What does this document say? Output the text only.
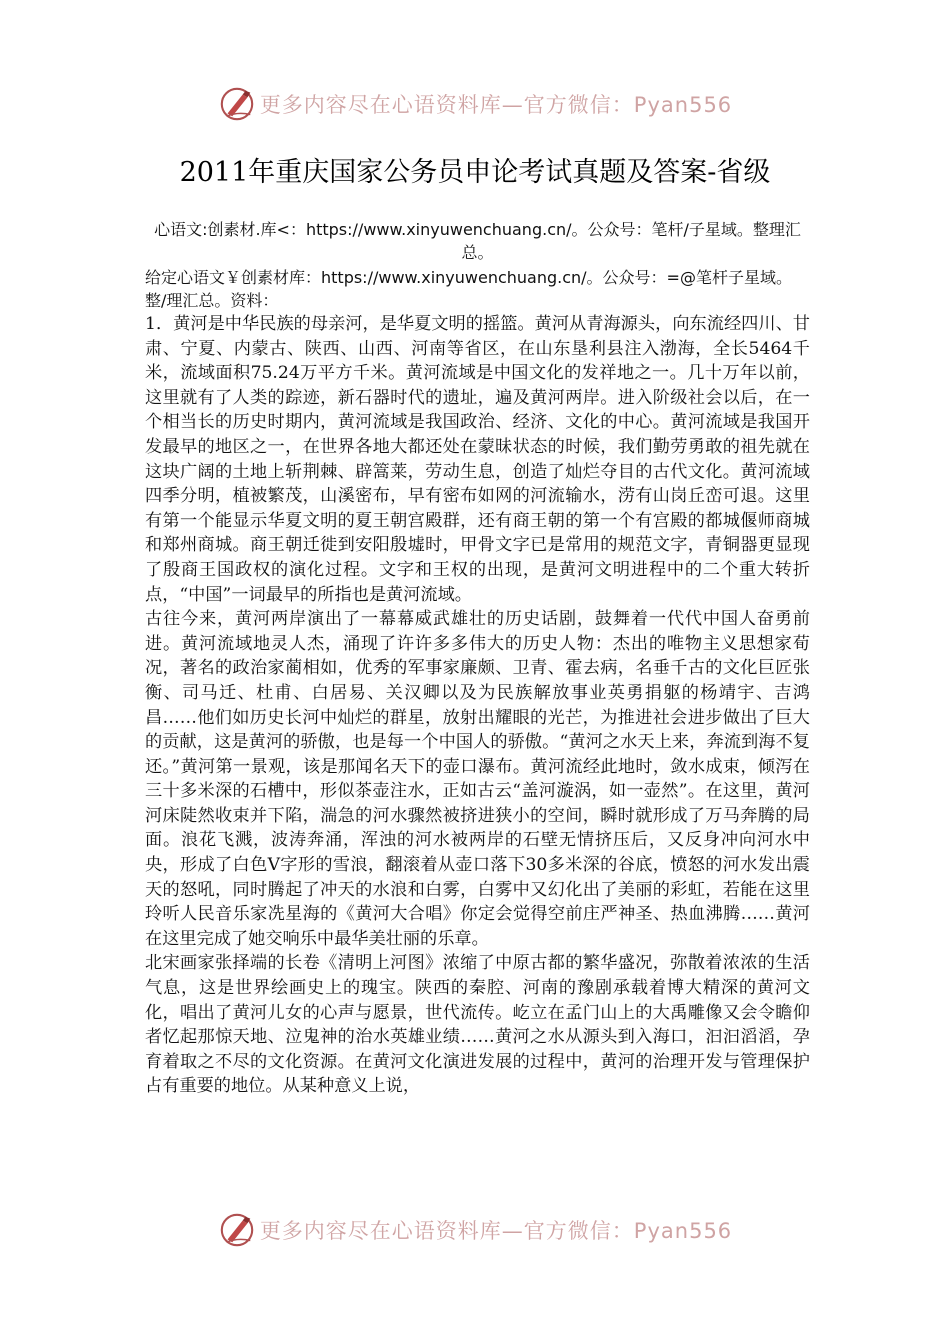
更多内容尽在心语资料库—官方微信：Pyan556
2011年重庆国家公务员申论考试真题及答案-省级

心语文:创素材.库<：https://www.xinyuwenchuang.cn/。公众号：笔杆/子星域。整理汇总。

给定心语文￥创素材库：https://www.xinyuwenchuang.cn/。公众号：=@笔杆子星域。整/理汇总。资料：

1．黄河是中华民族的母亲河，是华夏文明的摇篮。黄河从青海源头，向东流经四川、甘肃、宁夏、内蒙古、陕西、山西、河南等省区，在山东垦利县注入渤海，全长5464千米，流域面积75.24万平方千米。黄河流域是中国文化的发祥地之一。几十万年以前，这里就有了人类的踪迹，新石器时代的遗址，遍及黄河两岸。进入阶级社会以后，在一个相当长的历史时期内，黄河流域是我国政治、经济、文化的中心。黄河流域是我国开发最早的地区之一，在世界各地大都还处在蒙昧状态的时候，我们勤劳勇敢的祖先就在这块广阔的土地上斩荆棘、辟篙莱，劳动生息，创造了灿烂夺目的古代文化。黄河流域四季分明，植被繁茂，山溪密布，早有密布如网的河流输水，涝有山岗丘峦可退。这里有第一个能显示华夏文明的夏王朝宫殿群，还有商王朝的第一个有宫殿的都城偃师商城和郑州商城。商王朝迁徙到安阳殷墟时，甲骨文字已是常用的规范文字，青铜器更显现了殷商王国政权的演化过程。文字和王权的出现，是黄河文明进程中的二个重大转折点，“中国”一词最早的所指也是黄河流域。

古往今来，黄河两岸演出了一幕幕威武雄壮的历史话剧，鼓舞着一代代中国人奋勇前进。黄河流域地灵人杰，涌现了许许多多伟大的历史人物：杰出的唯物主义思想家荀况，著名的政治家蔺相如，优秀的军事家廉颇、卫青、霍去病，名垂千古的文化巨匠张衡、司马迁、杜甫、白居易、关汉卿以及为民族解放事业英勇捐躯的杨靖宇、吉鸿昌……他们如历史长河中灿烂的群星，放射出耀眼的光芒，为推进社会进步做出了巨大的贡献，这是黄河的骄傲，也是每一个中国人的骄傲。“黄河之水天上来，奔流到海不复还。”黄河第一景观，该是那闻名天下的壶口瀑布。黄河流经此地时，敛水成束，倾泻在三十多米深的石槽中，形似茶壶注水，正如古云“盖河漩涡，如一壶然”。在这里，黄河河床陡然收束并下陷，湍急的河水骤然被挤进狭小的空间，瞬时就形成了万马奔腾的局面。浪花飞溅，波涛奔涌，浑浊的河水被两岸的石壁无情挤压后，又反身冲向河水中央，形成了白色V字形的雪浪，翻滚着从壶口落下30多米深的谷底，愤怒的河水发出震天的怒吼，同时腾起了冲天的水浪和白雾，白雾中又幻化出了美丽的彩虹，若能在这里玲听人民音乐家冼星海的《黄河大合唱》你定会觉得空前庄严神圣、热血沸腾……黄河在这里完成了她交响乐中最华美壮丽的乐章。

北宋画家张择端的长卷《清明上河图》浓缩了中原古都的繁华盛况，弥散着浓浓的生活气息，这是世界绘画史上的瑰宝。陕西的秦腔、河南的豫剧承载着博大精深的黄河文化，唱出了黄河儿女的心声与愿景，世代流传。屹立在孟门山上的大禹雕像又会令瞻仰者忆起那惊天地、泣鬼神的治水英雄业绩……黄河之水从源头到入海口，汩汩滔滔，孕育着取之不尽的文化资源。在黄河文化演进发展的过程中，黄河的治理开发与管理保护占有重要的地位。从某种意义上说，

更多内容尽在心语资料库—官方微信：Pyan556
